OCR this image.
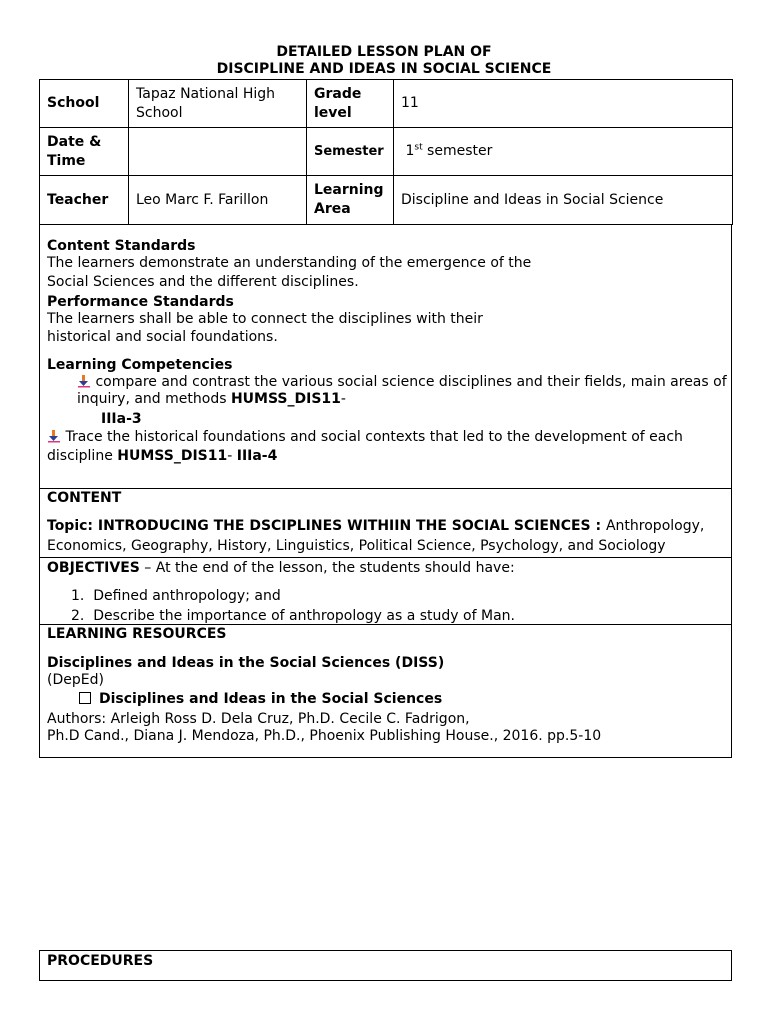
DETAILED LESSON PLAN OF
DISCIPLINE AND IDEAS IN SOCIAL SCIENCE
School	Tapaz National High School	Grade level	11
Date & Time		Semester	1st semester
Teacher	Leo Marc F. Farillon	Learning Area	Discipline and Ideas in Social Science
Content Standards
The learners demonstrate an understanding of the emergence of the
Social Sciences and the different disciplines.
Performance Standards
The learners shall be able to connect the disciplines with their
historical and social foundations.
Learning Competencies
compare and contrast the various social science disciplines and their fields, main areas of
inquiry, and methods HUMSS_DIS11-
IIIa-3
Trace the historical foundations and social contexts that led to the development of each
discipline HUMSS_DIS11- IIIa-4
CONTENT
Topic: INTRODUCING THE DSCIPLINES WITHIIN THE SOCIAL SCIENCES : Anthropology,
Economics, Geography, History, Linguistics, Political Science, Psychology, and Sociology
OBJECTIVES – At the end of the lesson, the students should have:
1. Defined anthropology; and
2. Describe the importance of anthropology as a study of Man.
LEARNING RESOURCES
Disciplines and Ideas in the Social Sciences (DISS)
(DepEd)
Disciplines and Ideas in the Social Sciences
Authors: Arleigh Ross D. Dela Cruz, Ph.D. Cecile C. Fadrigon,
Ph.D Cand., Diana J. Mendoza, Ph.D., Phoenix Publishing House., 2016. pp.5-10
PROCEDURES
